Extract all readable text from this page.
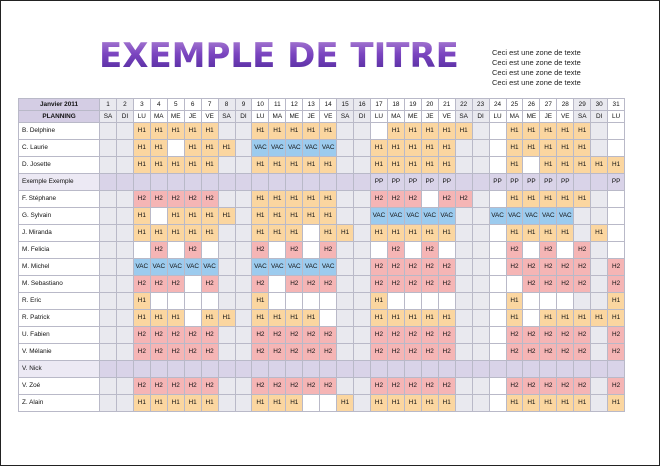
EXEMPLE DE TITRE	Ceci est une zone de texte
Ceci est une zone de texte
Ceci est une zone de texte
Ceci est une zone de texte
Janvier 2011	1	2	3	4	5	6	7	8	9	10	11	12	13	14	15	16	17	18	19	20	21	22	23	24	25	26	27	28	29	30	31
PLANNING	SA	DI	LU	MA	ME	JE	VE	SA	DI	LU	MA	ME	JE	VE	SA	DI	LU	MA	ME	JE	VE	SA	DI	LU	MA	ME	JE	VE	SA	DI	LU
B. Delphine			H1	H1	H1	H1	H1			H1	H1	H1	H1	H1				H1	H1	H1	H1	H1			H1	H1	H1	H1	H1		
C. Laurie			H1	H1		H1	H1	H1		VAC	VAC	VAC	VAC	VAC			H1	H1	H1	H1	H1				H1	H1	H1	H1	H1		
D. Josette			H1	H1	H1	H1	H1			H1	H1	H1	H1	H1			H1	H1	H1	H1	H1				H1		H1	H1	H1	H1	H1
Exemple Exemple																	PP	PP	PP	PP	PP			PP	PP	PP	PP	PP			PP
F. Stéphane			H2	H2	H2	H2	H2			H1	H1	H1	H1	H1			H2	H2	H2		H2	H2			H1	H1	H1	H1	H1		
G. Sylvain			H1		H1	H1	H1	H1		H1	H1	H1	H1	H1			VAC	VAC	VAC	VAC	VAC			VAC	VAC	VAC	VAC	VAC			
J. Miranda			H1	H1	H1	H1	H1			H1	H1	H1		H1	H1		H1	H1	H1	H1	H1				H1	H1	H1	H1		H1	
M. Felicia				H2		H2				H2		H2		H2				H2		H2					H2		H2		H2		
M. Michel			VAC	VAC	VAC	VAC	VAC			VAC	VAC	VAC	VAC	VAC			H2	H2	H2	H2	H2				H2	H2	H2	H2	H2		H2
M. Sebastiano			H2	H2	H2		H2			H2		H2	H2	H2			H2	H2	H2	H2	H2					H2	H2	H2	H2		H2
R. Eric			H1							H1							H1								H1						H1
R. Patrick			H1	H1	H1		H1	H1		H1	H1	H1	H1				H1	H1	H1	H1	H1				H1		H1	H1	H1	H1	H1
U. Fabien			H2	H2	H2	H2	H2			H2	H2	H2	H2	H2			H2	H2	H2	H2	H2				H2	H2	H2	H2	H2		H2
V. Mélanie			H2	H2	H2	H2	H2			H2	H2	H2	H2	H2			H2	H2	H2	H2	H2				H2	H2	H2	H2	H2		H2
V. Nick																															
V. Zoé			H2	H2	H2	H2	H2			H2	H2	H2	H2	H2			H2	H2	H2	H2	H2				H2	H2	H2	H2	H2		H2
Z. Alain			H1	H1	H1	H1	H1			H1	H1	H1			H1		H1	H1	H1	H1	H1				H1	H1	H1	H1	H1		H1
